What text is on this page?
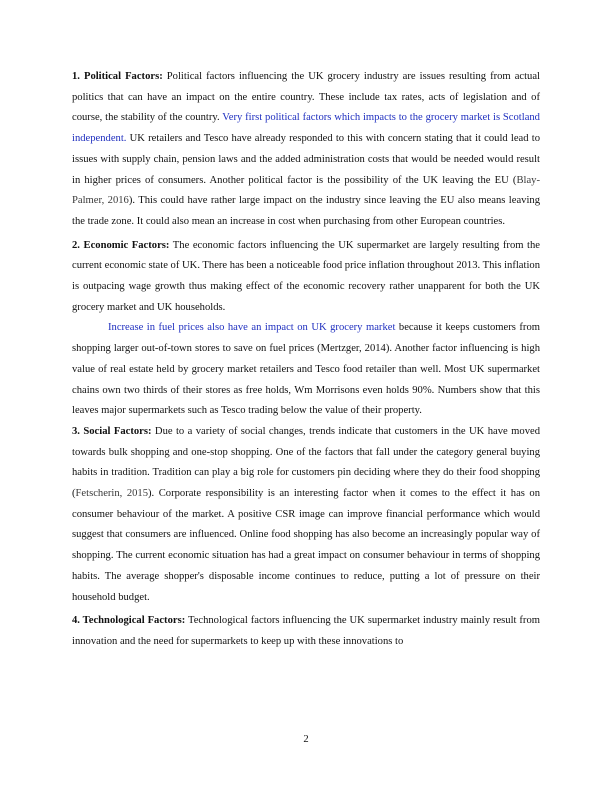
1. Political Factors: Political factors influencing the UK grocery industry are issues resulting from actual politics that can have an impact on the entire country. These include tax rates, acts of legislation and of course, the stability of the country. Very first political factors which impacts to the grocery market is Scotland independent. UK retailers and Tesco have already responded to this with concern stating that it could lead to issues with supply chain, pension laws and the added administration costs that would be needed would result in higher prices of consumers. Another political factor is the possibility of the UK leaving the EU (Blay-Palmer, 2016). This could have rather large impact on the industry since leaving the EU also means leaving the trade zone. It could also mean an increase in cost when purchasing from other European countries.

2. Economic Factors: The economic factors influencing the UK supermarket are largely resulting from the current economic state of UK. There has been a noticeable food price inflation throughout 2013. This inflation is outpacing wage growth thus making effect of the economic recovery rather unapparent for both the UK grocery market and UK households.

Increase in fuel prices also have an impact on UK grocery market because it keeps customers from shopping larger out-of-town stores to save on fuel prices (Mertzger, 2014). Another factor influencing is high value of real estate held by grocery market retailers and Tesco food retailer than well. Most UK supermarket chains own two thirds of their stores as free holds, Wm Morrisons even holds 90%. Numbers show that this leaves major supermarkets such as Tesco trading below the value of their property.

3. Social Factors: Due to a variety of social changes, trends indicate that customers in the UK have moved towards bulk shopping and one-stop shopping. One of the factors that fall under the category general buying habits in tradition. Tradition can play a big role for customers pin deciding where they do their food shopping (Fetscherin, 2015). Corporate responsibility is an interesting factor when it comes to the effect it has on consumer behaviour of the market. A positive CSR image can improve financial performance which would suggest that consumers are influenced. Online food shopping has also become an increasingly popular way of shopping. The current economic situation has had a great impact on consumer behaviour in terms of shopping habits. The average shopper's disposable income continues to reduce, putting a lot of pressure on their household budget.

4. Technological Factors: Technological factors influencing the UK supermarket industry mainly result from innovation and the need for supermarkets to keep up with these innovations to

2
